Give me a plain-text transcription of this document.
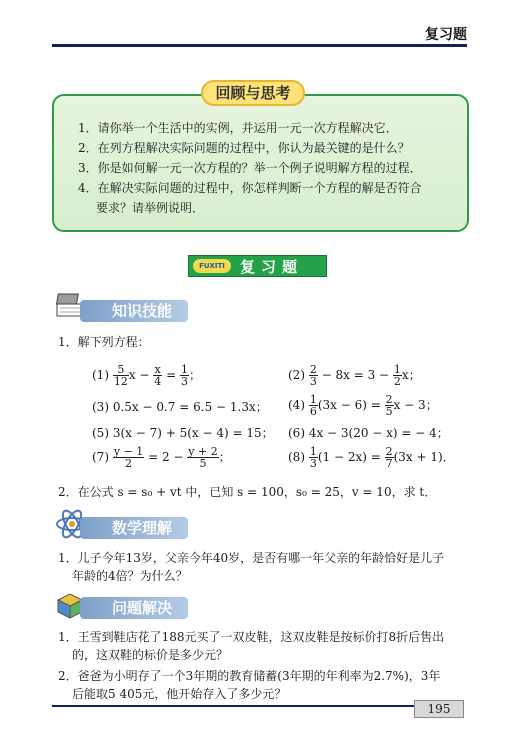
复习题
回顾与思考
1．请你举一个生活中的实例，并运用一元一次方程解决它．
2．在列方程解决实际问题的过程中，你认为最关键的是什么？
3．你是如何解一元一次方程的？举一个例子说明解方程的过程．
4．在解决实际问题的过程中，你怎样判断一个方程的解是否符合
要求？请举例说明．
FUXITI	复习题
知识技能
1．解下列方程：
$(1) \frac{5}{12}$ $x - \frac{x}{4} = \frac{1}{3}$ ；	$(2) \frac{2}{3} - 8x = 3 - \frac{1}{2}$ x；
(3) 0.5x − 0.7 = 6.5 − 1.3x； $(4) \frac{1}{6} (3x - 6) = \frac{2}{5}$ x − 3；
(5) 3(x − 7) + 5(x − 4) = 15； (6) 4x − 3(20 − x) = − 4；
$(7) \frac{y - 1}{2} = 2 - \frac{y + 2}{5}$ ；	$(8) \frac{1}{3} (1 - 2x) = \frac{2}{7} (3x + 1)$．
2．在公式 s = s₀ + vt 中，已知 s = 100，s₀ = 25，v = 10，求 t．
数学理解
1．儿子今年13岁，父亲今年40岁，是否有哪一年父亲的年龄恰好是儿子
年龄的4倍？为什么？
问题解决
1．王雪到鞋店花了188元买了一双皮鞋，这双皮鞋是按标价打8折后售出
的，这双鞋的标价是多少元？
2．爸爸为小明存了一个3年期的教育储蓄(3年期的年利率为2.7%)，3年
后能取5 405元，他开始存入了多少元？
195
